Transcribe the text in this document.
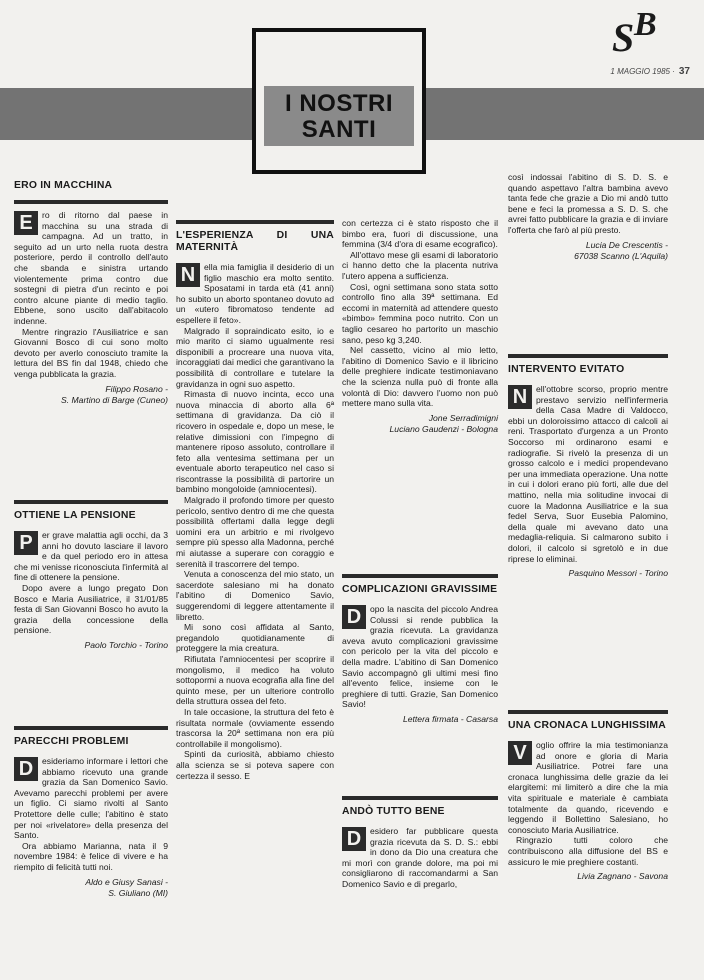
S B
1 MAGGIO 1985 · 37
I NOSTRI
SANTI
ERO IN MACCHINA

E	ro di ritorno dal paese in macchina su una strada di campagna. Ad un tratto, in seguito ad un urto nella ruota destra posteriore, perdo il controllo dell'auto che sbanda e sinistra urtando violentemente prima contro due sostegni di pietra d'un recinto e poi contro alcune piante di medio taglio. Ebbene, sono uscito dall'abitacolo indenne.

Mentre ringrazio l'Ausiliatrice e san Giovanni Bosco di cui sono molto devoto per averlo conosciuto tramite la lettura del BS fin dal 1948, chiedo che venga pubblicata la grazia.

Filippo Rosano -
S. Martino di Barge (Cuneo)
OTTIENE LA PENSIONE

P	er grave malattia agli occhi, da 3 anni ho dovuto lasciare il lavoro e da quel periodo ero in attesa che mi venisse riconosciuta l'infermità al fine di ottenere la pensione.

Dopo avere a lungo pregato Don Bosco e Maria Ausiliatrice, il 31/01/85 festa di San Giovanni Bosco ho avuto la grazia della concessione della pensione.

Paolo Torchio - Torino
PARECCHI PROBLEMI

D	esideriamo informare i lettori che abbiamo ricevuto una grande grazia da San Domenico Savio. Avevamo parecchi problemi per avere un figlio. Ci siamo rivolti al Santo Protettore delle culle; l'abitino è stato per noi «rivelatore» della presenza del Santo.

Ora abbiamo Marianna, nata il 9 novembre 1984: è felice di vivere e ha riempito di felicità tutti noi.

Aldo e Giusy Sanasi -
S. Giuliano (MI)
L'ESPERIENZA DI UNA MATERNITÀ

N	ella mia famiglia il desiderio di un figlio maschio era molto sentito. Sposatami in tarda età (41 anni) ho subito un aborto spontaneo dovuto ad un «utero fibromatoso tendente ad espellere il feto».

Malgrado il sopraindicato esito, io e mio marito ci siamo ugualmente resi disponibili a procreare una nuova vita, incoraggiati dai medici che garantivano la possibilità di controllare e tutelare la gravidanza in ogni suo aspetto.

Rimasta di nuovo incinta, ecco una nuova minaccia di aborto alla 6ª settimana di gravidanza. Da ciò il ricovero in ospedale e, dopo un mese, le relative dimissioni con l'impegno di mantenere riposo assoluto, controllare il feto alla ventesima settimana per un eventuale aborto terapeutico nel caso si riscontrasse la possibilità di partorire un bambino mongoloide (amniocentesi).

Malgrado il profondo timore per questo pericolo, sentivo dentro di me che questa possibilità offertami dalla legge degli uomini era un arbitrio e mi rivolgevo sempre più spesso alla Madonna, perché mi aiutasse a superare con coraggio e serenità il trascorrere del tempo.

Venuta a conoscenza del mio stato, un sacerdote salesiano mi ha donato l'abitino di Domenico Savio, suggerendomi di leggere attentamente il libretto.

Mi sono così affidata al Santo, pregandolo quotidianamente di proteggere la mia creatura.

Rifiutata l'amniocentesi per scoprire il mongolismo, il medico ha voluto sottopormi a nuova ecografia alla fine del quinto mese, per un ulteriore controllo della struttura ossea del feto.

In tale occasione, la struttura del feto è risultata normale (ovviamente essendo trascorsa la 20ª settimana non era più controllabile il mongolismo).

Spinti da curiosità, abbiamo chiesto alla scienza se si poteva sapere con certezza il sesso. E

con certezza ci è stato risposto che il bimbo era, fuori di discussione, una femmina (3/4 d'ora di esame ecografico).

All'ottavo mese gli esami di laboratorio ci hanno detto che la placenta nutriva l'utero appena a sufficienza.

Così, ogni settimana sono stata sotto controllo fino alla 39ª settimana. Ed eccomi in maternità ad attendere questo «bimbo» femmina poco nutrito. Con un taglio cesareo ho partorito un maschio sano, peso kg 3,240.

Nel cassetto, vicino al mio letto, l'abitino di Domenico Savio e il libricino delle preghiere indicate testimoniavano che la scienza nulla può di fronte alla volontà di Dio: davvero l'uomo non può mettere mano sulla vita.

Jone Serradimigni
Luciano Gaudenzi - Bologna
COMPLICAZIONI GRAVISSIME

D	opo la nascita del piccolo Andrea Colussi si rende pubblica la grazia ricevuta. La gravidanza aveva avuto complicazioni gravissime con pericolo per la vita del piccolo e della madre. L'abitino di San Domenico Savio accompagnò gli ultimi mesi fino all'evento felice, insieme con le preghiere di tutti. Grazie, San Domenico Savio!

Lettera firmata - Casarsa
ANDÒ TUTTO BENE

D	esidero far pubblicare questa grazia ricevuta da S. D. S.: ebbi in dono da Dio una creatura che mi morì con grande dolore, ma poi mi consigliarono di raccomandarmi a San Domenico Savio e di pregarlo,

così indossai l'abitino di S. D. S. e quando aspettavo l'altra bambina avevo tanta fede che grazie a Dio mi andò tutto bene e feci la promessa a S. D. S. che avrei fatto pubblicare la grazia e di inviare l'offerta che farò al più presto.

Lucia De Crescentis -
67038 Scanno (L'Aquila)
INTERVENTO EVITATO

N	ell'ottobre scorso, proprio mentre prestavo servizio nell'infermeria della Casa Madre di Valdocco, ebbi un doloroissimo attacco di calcoli ai reni. Trasportato d'urgenza a un Pronto Soccorso mi ordinarono esami e radiografie. Si rivelò la presenza di un grosso calcolo e i medici propendevano per una immediata operazione. Una notte in cui i dolori erano più forti, alle due del mattino, nella mia solitudine invocai di cuore la Madonna Ausiliatrice e la sua fedel Serva, Suor Eusebia Palomino, della quale mi avevano dato una medaglia-reliquia. Si calmarono subito i dolori, il calcolo si sgretolò e in due riprese lo eliminai.

Pasquino Messori - Torino
UNA CRONACA LUNGHISSIMA

V	oglio offrire la mia testimonianza ad onore e gloria di Maria Ausiliatrice. Potrei fare una cronaca lunghissima delle grazie da lei elargitemi: mi limiterò a dire che la mia vita spirituale e materiale è cambiata totalmente da quando, ricevendo e leggendo il Bollettino Salesiano, ho conosciuto Maria Ausiliatrice.

Ringrazio tutti coloro che contribuiscono alla diffusione del BS e assicuro le mie preghiere costanti.

Livia Zagnano - Savona
